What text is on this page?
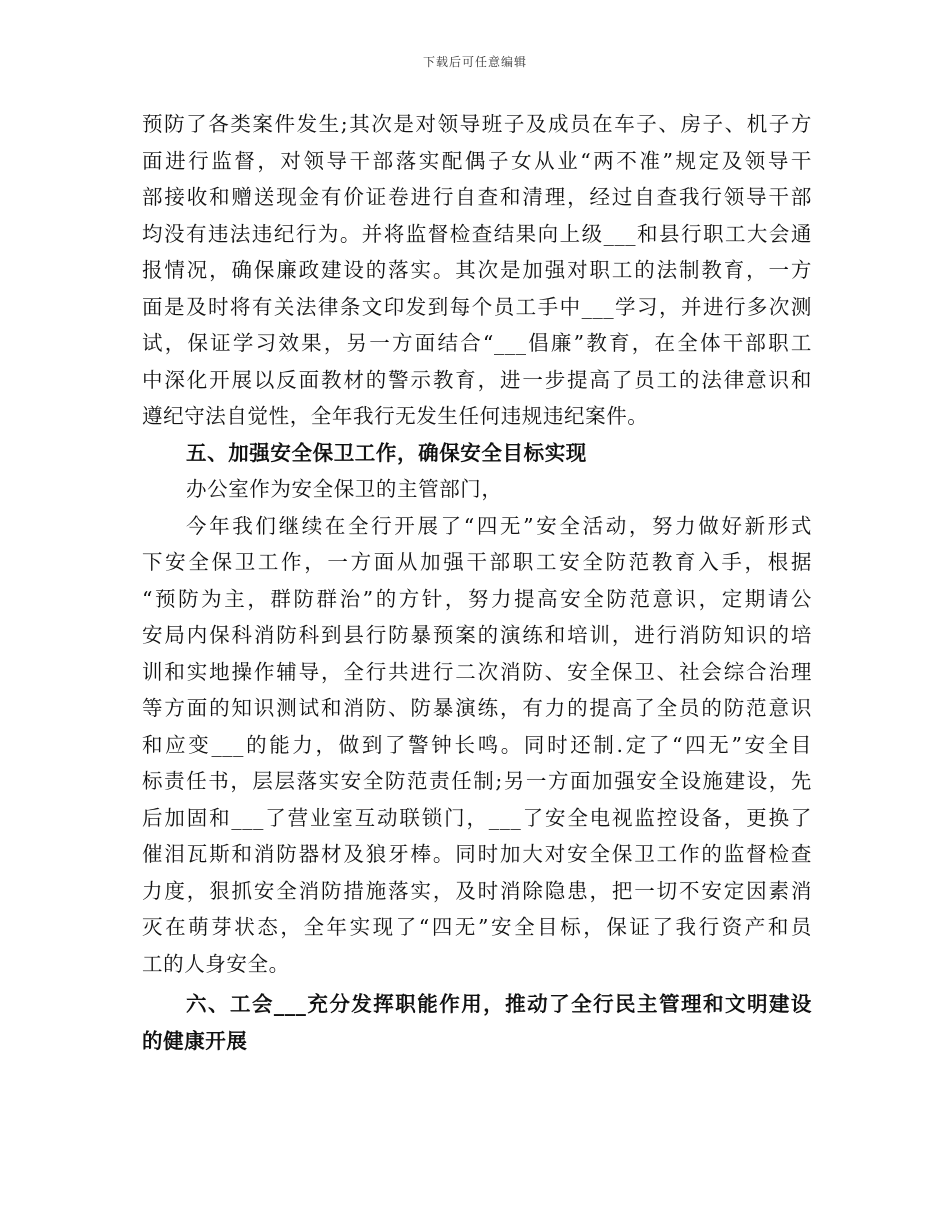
下载后可任意编辑
预防了各类案件发生;其次是对领导班子及成员在车子、房子、机子方
面进行监督，对领导干部落实配偶子女从业“两不准”规定及领导干
部接收和赠送现金有价证卷进行自查和清理，经过自查我行领导干部
均没有违法违纪行为。并将监督检查结果向上级___和县行职工大会通
报情况，确保廉政建设的落实。其次是加强对职工的法制教育，一方
面是及时将有关法律条文印发到每个员工手中___学习，并进行多次测
试，保证学习效果，另一方面结合“___倡廉”教育，在全体干部职工
中深化开展以反面教材的警示教育，进一步提高了员工的法律意识和
遵纪守法自觉性，全年我行无发生任何违规违纪案件。
五、加强安全保卫工作，确保安全目标实现
办公室作为安全保卫的主管部门，
今年我们继续在全行开展了“四无”安全活动，努力做好新形式
下安全保卫工作，一方面从加强干部职工安全防范教育入手，根据
“预防为主，群防群治”的方针，努力提高安全防范意识，定期请公
安局内保科消防科到县行防暴预案的演练和培训，进行消防知识的培
训和实地操作辅导，全行共进行二次消防、安全保卫、社会综合治理
等方面的知识测试和消防、防暴演练，有力的提高了全员的防范意识
和应变___的能力，做到了警钟长鸣。同时还制.定了“四无”安全目
标责任书，层层落实安全防范责任制;另一方面加强安全设施建设，先
后加固和___了营业室互动联锁门，___了安全电视监控设备，更换了
催泪瓦斯和消防器材及狼牙棒。同时加大对安全保卫工作的监督检查
力度，狠抓安全消防措施落实，及时消除隐患，把一切不安定因素消
灭在萌芽状态，全年实现了“四无”安全目标，保证了我行资产和员
工的人身安全。
六、工会___充分发挥职能作用，推动了全行民主管理和文明建设
的健康开展
